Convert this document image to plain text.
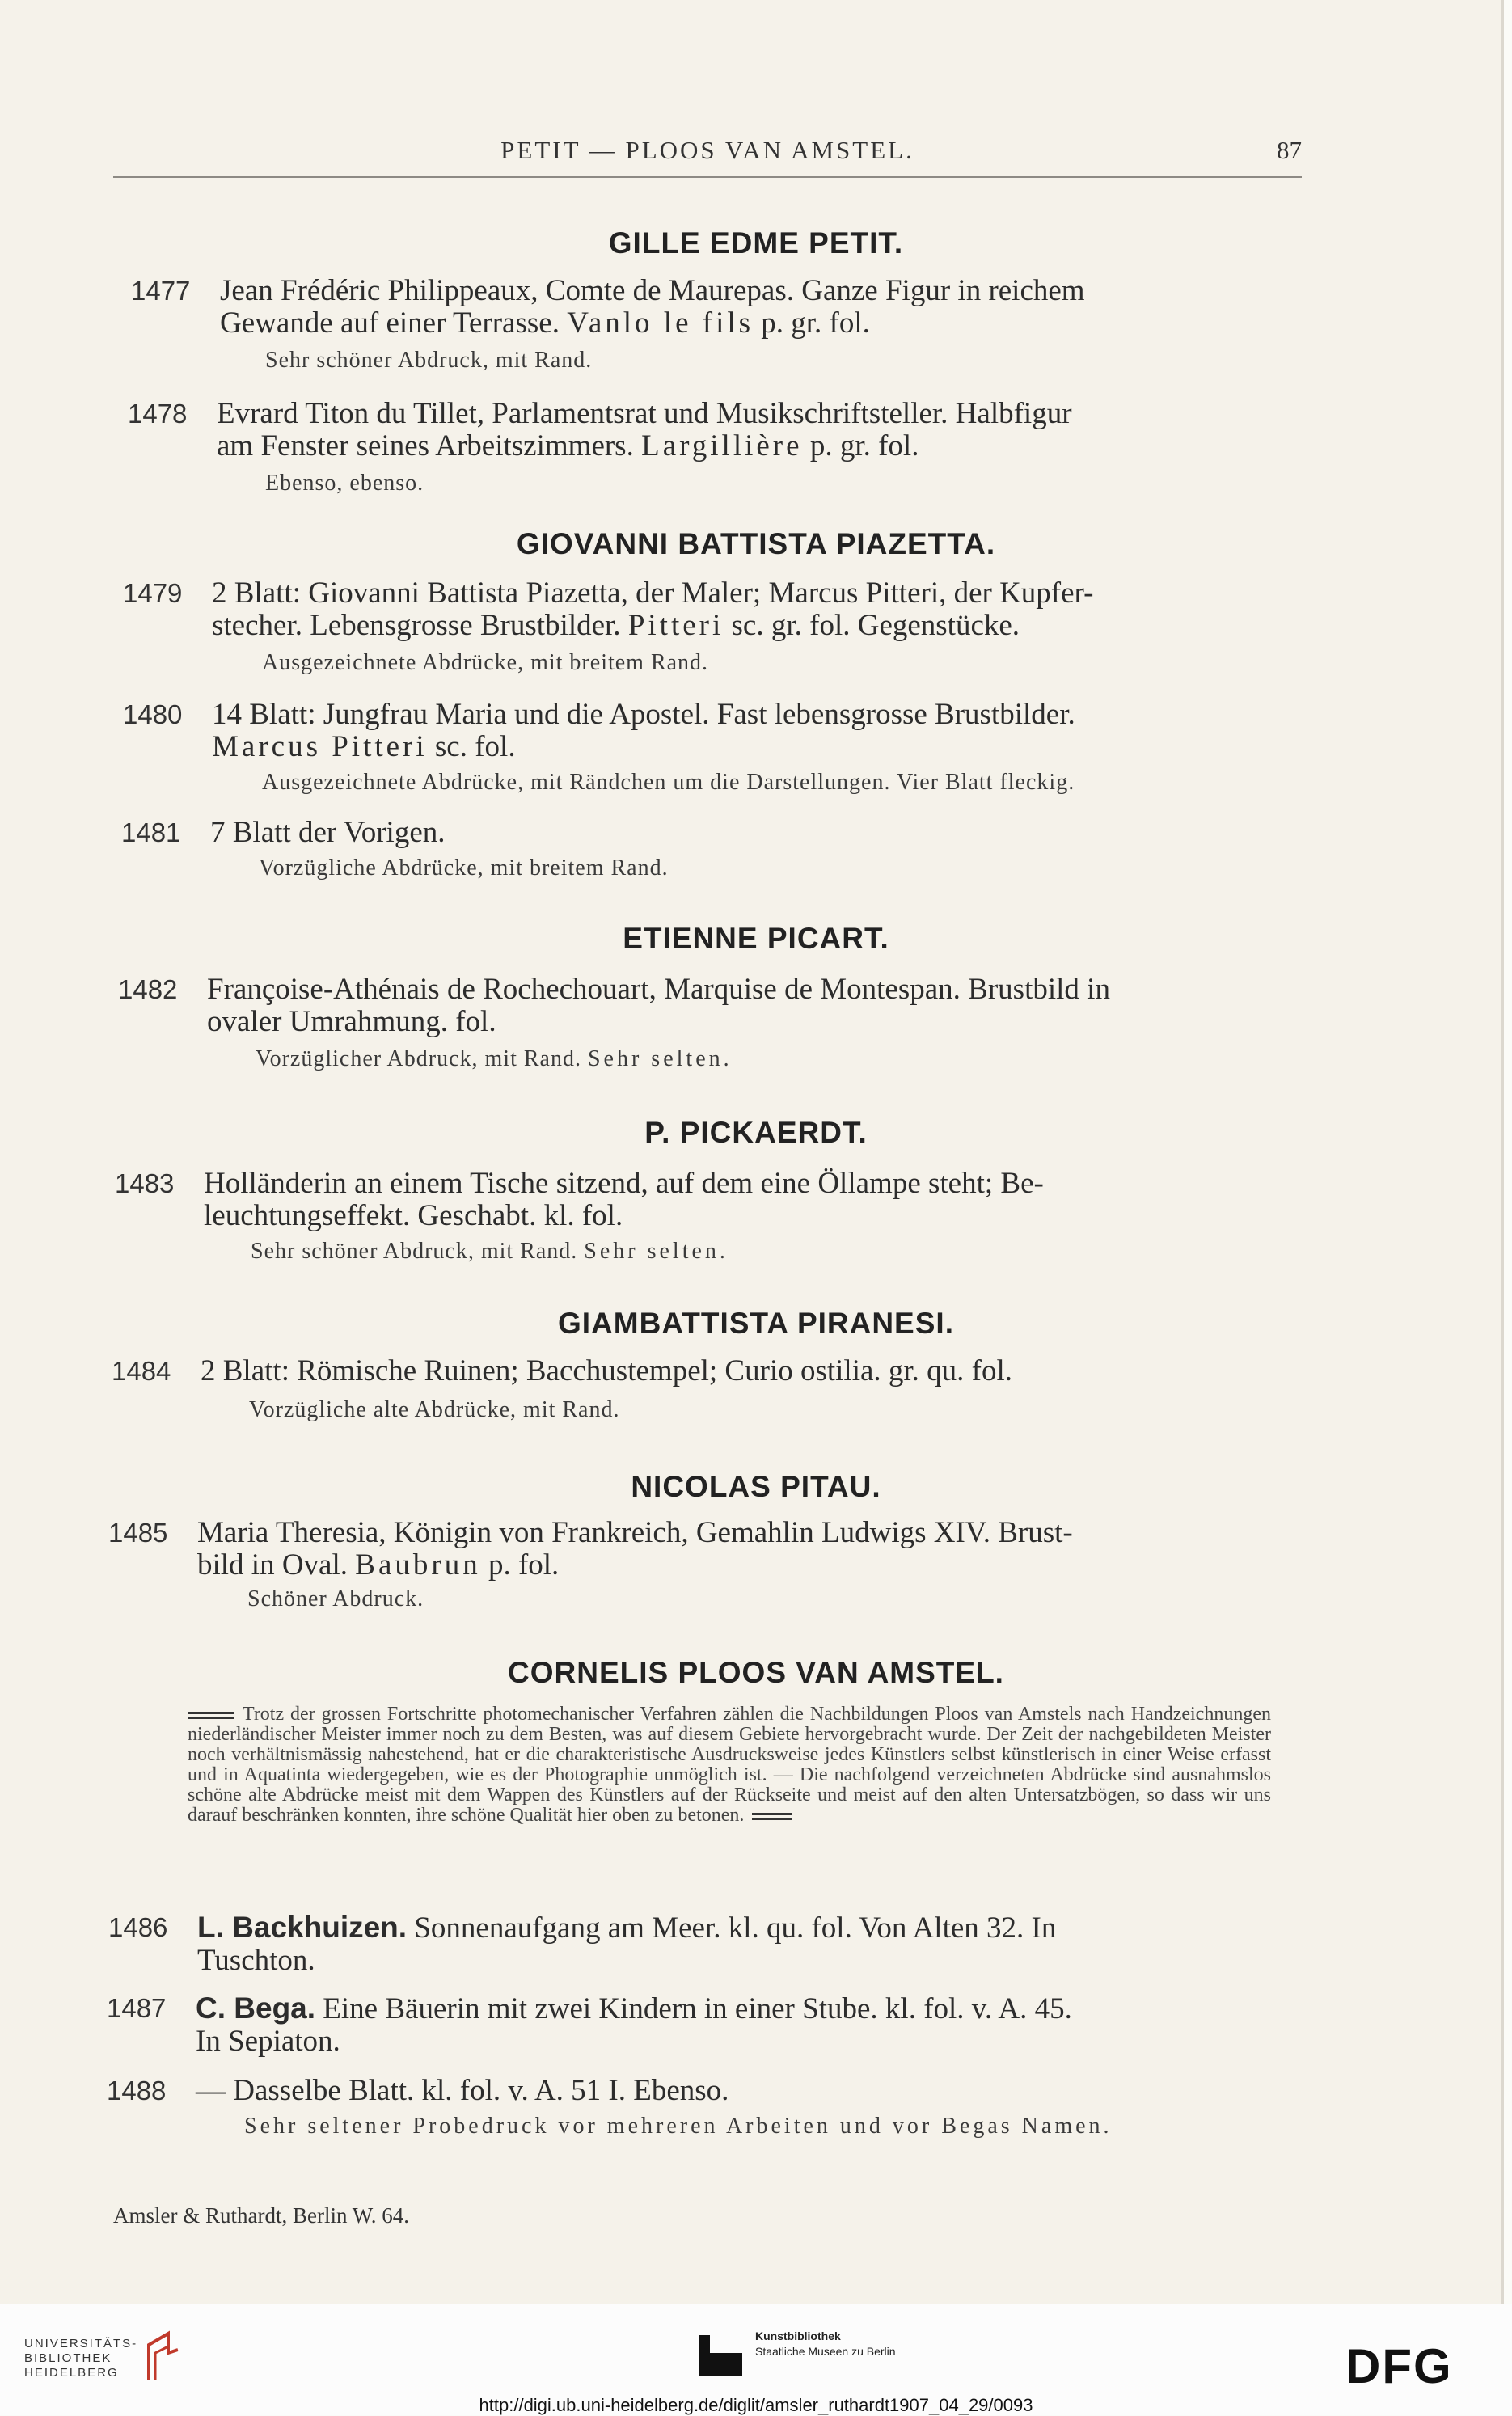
PETIT — PLOOS VAN AMSTEL.	87
GILLE EDME PETIT.
1477 Jean Frédéric Philippeaux, Comte de Maurepas. Ganze Figur in reichem
Gewande auf einer Terrasse. Vanlo le fils p. gr. fol.
Sehr schöner Abdruck, mit Rand.
1478 Evrard Titon du Tillet, Parlamentsrat und Musikschriftsteller. Halbfigur
am Fenster seines Arbeitszimmers. Largillière p. gr. fol.
Ebenso, ebenso.
GIOVANNI BATTISTA PIAZETTA.
1479 2 Blatt: Giovanni Battista Piazetta, der Maler; Marcus Pitteri, der Kupfer-
stecher. Lebensgrosse Brustbilder. Pitteri sc. gr. fol. Gegenstücke.
Ausgezeichnete Abdrücke, mit breitem Rand.
1480 14 Blatt: Jungfrau Maria und die Apostel. Fast lebensgrosse Brustbilder.
Marcus Pitteri sc. fol.
Ausgezeichnete Abdrücke, mit Rändchen um die Darstellungen. Vier Blatt fleckig.
1481 7 Blatt der Vorigen.
Vorzügliche Abdrücke, mit breitem Rand.
ETIENNE PICART.
1482 Françoise-Athénais de Rochechouart, Marquise de Montespan. Brustbild in
ovaler Umrahmung. fol.
Vorzüglicher Abdruck, mit Rand. Sehr selten.
P. PICKAERDT.
1483 Holländerin an einem Tische sitzend, auf dem eine Öllampe steht; Be-
leuchtungseffekt. Geschabt. kl. fol.
Sehr schöner Abdruck, mit Rand. Sehr selten.
GIAMBATTISTA PIRANESI.
1484 2 Blatt: Römische Ruinen; Bacchustempel; Curio ostilia. gr. qu. fol.
Vorzügliche alte Abdrücke, mit Rand.
NICOLAS PITAU.
1485 Maria Theresia, Königin von Frankreich, Gemahlin Ludwigs XIV. Brust-
bild in Oval. Baubrun p. fol.
Schöner Abdruck.
CORNELIS PLOOS VAN AMSTEL.
Trotz der grossen Fortschritte photomechanischer Verfahren zählen die Nachbildungen Ploos van Amstels nach Handzeichnungen niederländischer Meister immer noch zu dem Besten, was auf diesem Gebiete hervorgebracht wurde. Der Zeit der nachgebildeten Meister noch verhältnismässig nahestehend, hat er die charakteristische Ausdrucksweise jedes Künstlers selbst künstlerisch in einer Weise erfasst und in Aquatinta wiedergegeben, wie es der Photographie unmöglich ist. — Die nachfolgend verzeichneten Abdrücke sind ausnahmslos schöne alte Abdrücke meist mit dem Wappen des Künstlers auf der Rückseite und meist auf den alten Untersatzbögen, so dass wir uns darauf beschränken konnten, ihre schöne Qualität hier oben zu betonen.
1486 L. Backhuizen. Sonnenaufgang am Meer. kl. qu. fol. Von Alten 32. In
Tuschton.
1487 C. Bega. Eine Bäuerin mit zwei Kindern in einer Stube. kl. fol. v. A. 45.
In Sepiaton.
1488 — Dasselbe Blatt. kl. fol. v. A. 51 I. Ebenso.
Sehr seltener Probedruck vor mehreren Arbeiten und vor Begas Namen.
Amsler & Ruthardt, Berlin W. 64.
UNIVERSITÄTS-
BIBLIOTHEK
HEIDELBERG
Kunstbibliothek
Staatliche Museen zu Berlin	DFG
http://digi.ub.uni-heidelberg.de/diglit/amsler_ruthardt1907_04_29/0093
